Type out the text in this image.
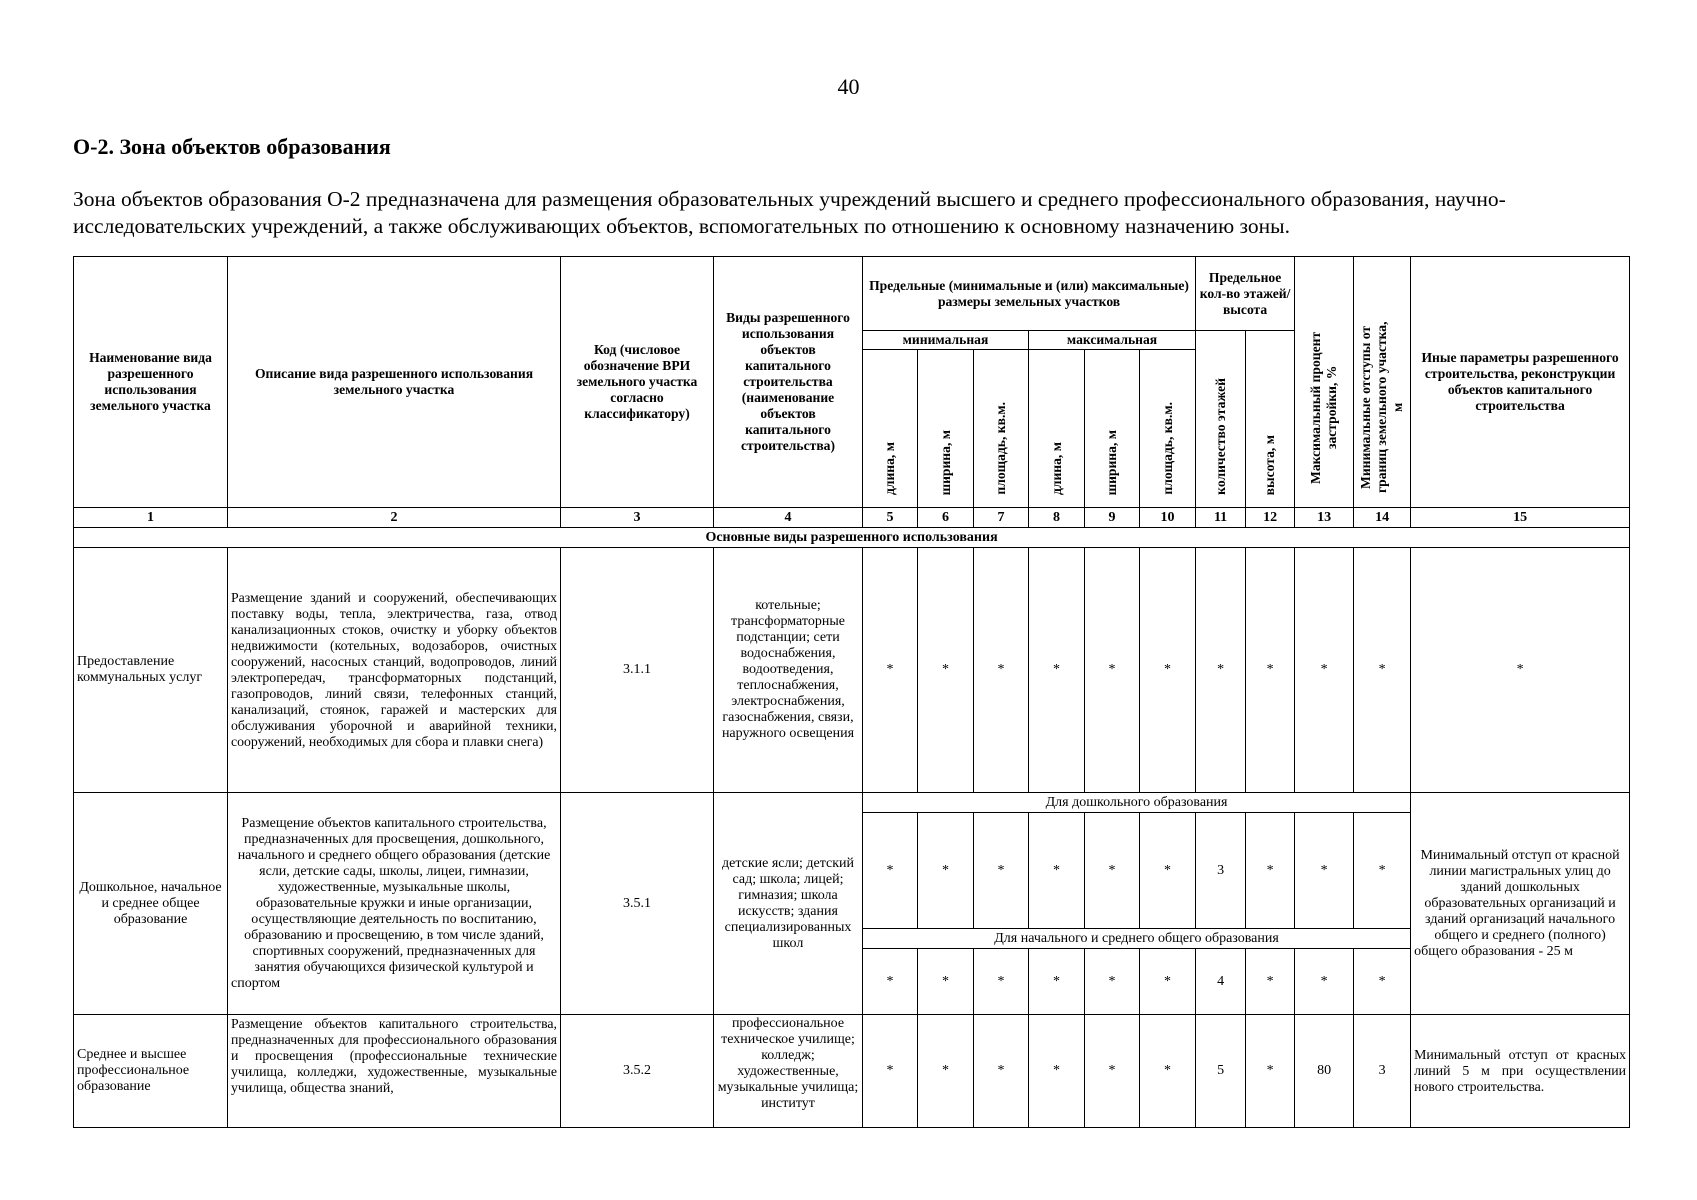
40
О-2. Зона объектов образования

Зона объектов образования О-2 предназначена для размещения образовательных учреждений высшего и среднего профессионального образования, научно-исследовательских учреждений, а также обслуживающих объектов, вспомогательных по отношению к основному назначению зоны.

Наименование вида разрешенного использования земельного участка	Описание вида разрешенного использования земельного участка	Код (числовое обозначение ВРИ земельного участка согласно классификатору)	Виды разрешенного использования объектов капитального строительства (наименование объектов капитального строительства)	Предельные (минимальные и (или) максимальные) размеры земельных участков						Предельное кол-во этажей/ высота		Максимальный процент застройки, %	Минимальные отступы от границ земельного участка, м	Иные параметры разрешенного строительства, реконструкции объектов капитального строительства
				минимальная			максимальная			количество этажей	высота, м			
				длина, м	ширина, м	площадь, кв.м.	длина, м	ширина, м	площадь, кв.м.					
1	2	3	4	5	6	7	8	9	10	11	12	13	14	15
Основные виды разрешенного использования														
Предоставление коммунальных услуг	Размещение зданий и сооружений, обеспечивающих поставку воды, тепла, электричества, газа, отвод канализационных стоков, очистку и уборку объектов недвижимости (котельных, водозаборов, очистных сооружений, насосных станций, водопроводов, линий электропередач, трансформаторных подстанций, газопроводов, линий связи, телефонных станций, канализаций, стоянок, гаражей и мастерских для обслуживания уборочной и аварийной техники, сооружений, необходимых для сбора и плавки снега)	3.1.1	котельные; трансформаторные подстанции; сети водоснабжения, водоотведения, теплоснабжения, электроснабжения, газоснабжения, связи, наружного освещения	*	*	*	*	*	*	*	*	*	*	*
Дошкольное, начальное и среднее общее образование	Размещение объектов капитального строительства, предназначенных для просвещения, дошкольного, начального и среднего общего образования (детские ясли, детские сады, школы, лицеи, гимназии, художественные, музыкальные школы, образовательные кружки и иные организации, осуществляющие деятельность по воспитанию, образованию и просвещению, в том числе зданий, спортивных сооружений, предназначенных для занятия обучающихся физической культурой и спортом	3.5.1	детские ясли; детский сад; школа; лицей; гимназия; школа искусств; здания специализированных школ	Для дошкольного образования										Минимальный отступ от красной линии магистральных улиц до зданий дошкольных образовательных организаций и зданий организаций начального общего и среднего (полного) общего образования - 25 м
				*	*	*	*	*	*	3	*	*	*	
				Для начального и среднего общего образования										
				*	*	*	*	*	*	4	*	*	*	
Среднее и высшее профессиональное образование	Размещение объектов капитального строительства, предназначенных для профессионального образования и просвещения (профессиональные технические училища, колледжи, художественные, музыкальные училища, общества знаний,	3.5.2	профессиональное техническое училище; колледж; художественные, музыкальные училища; институт	*	*	*	*	*	*	5	*	80	3	Минимальный отступ от красных линий 5 м при осуществлении нового строительства.
